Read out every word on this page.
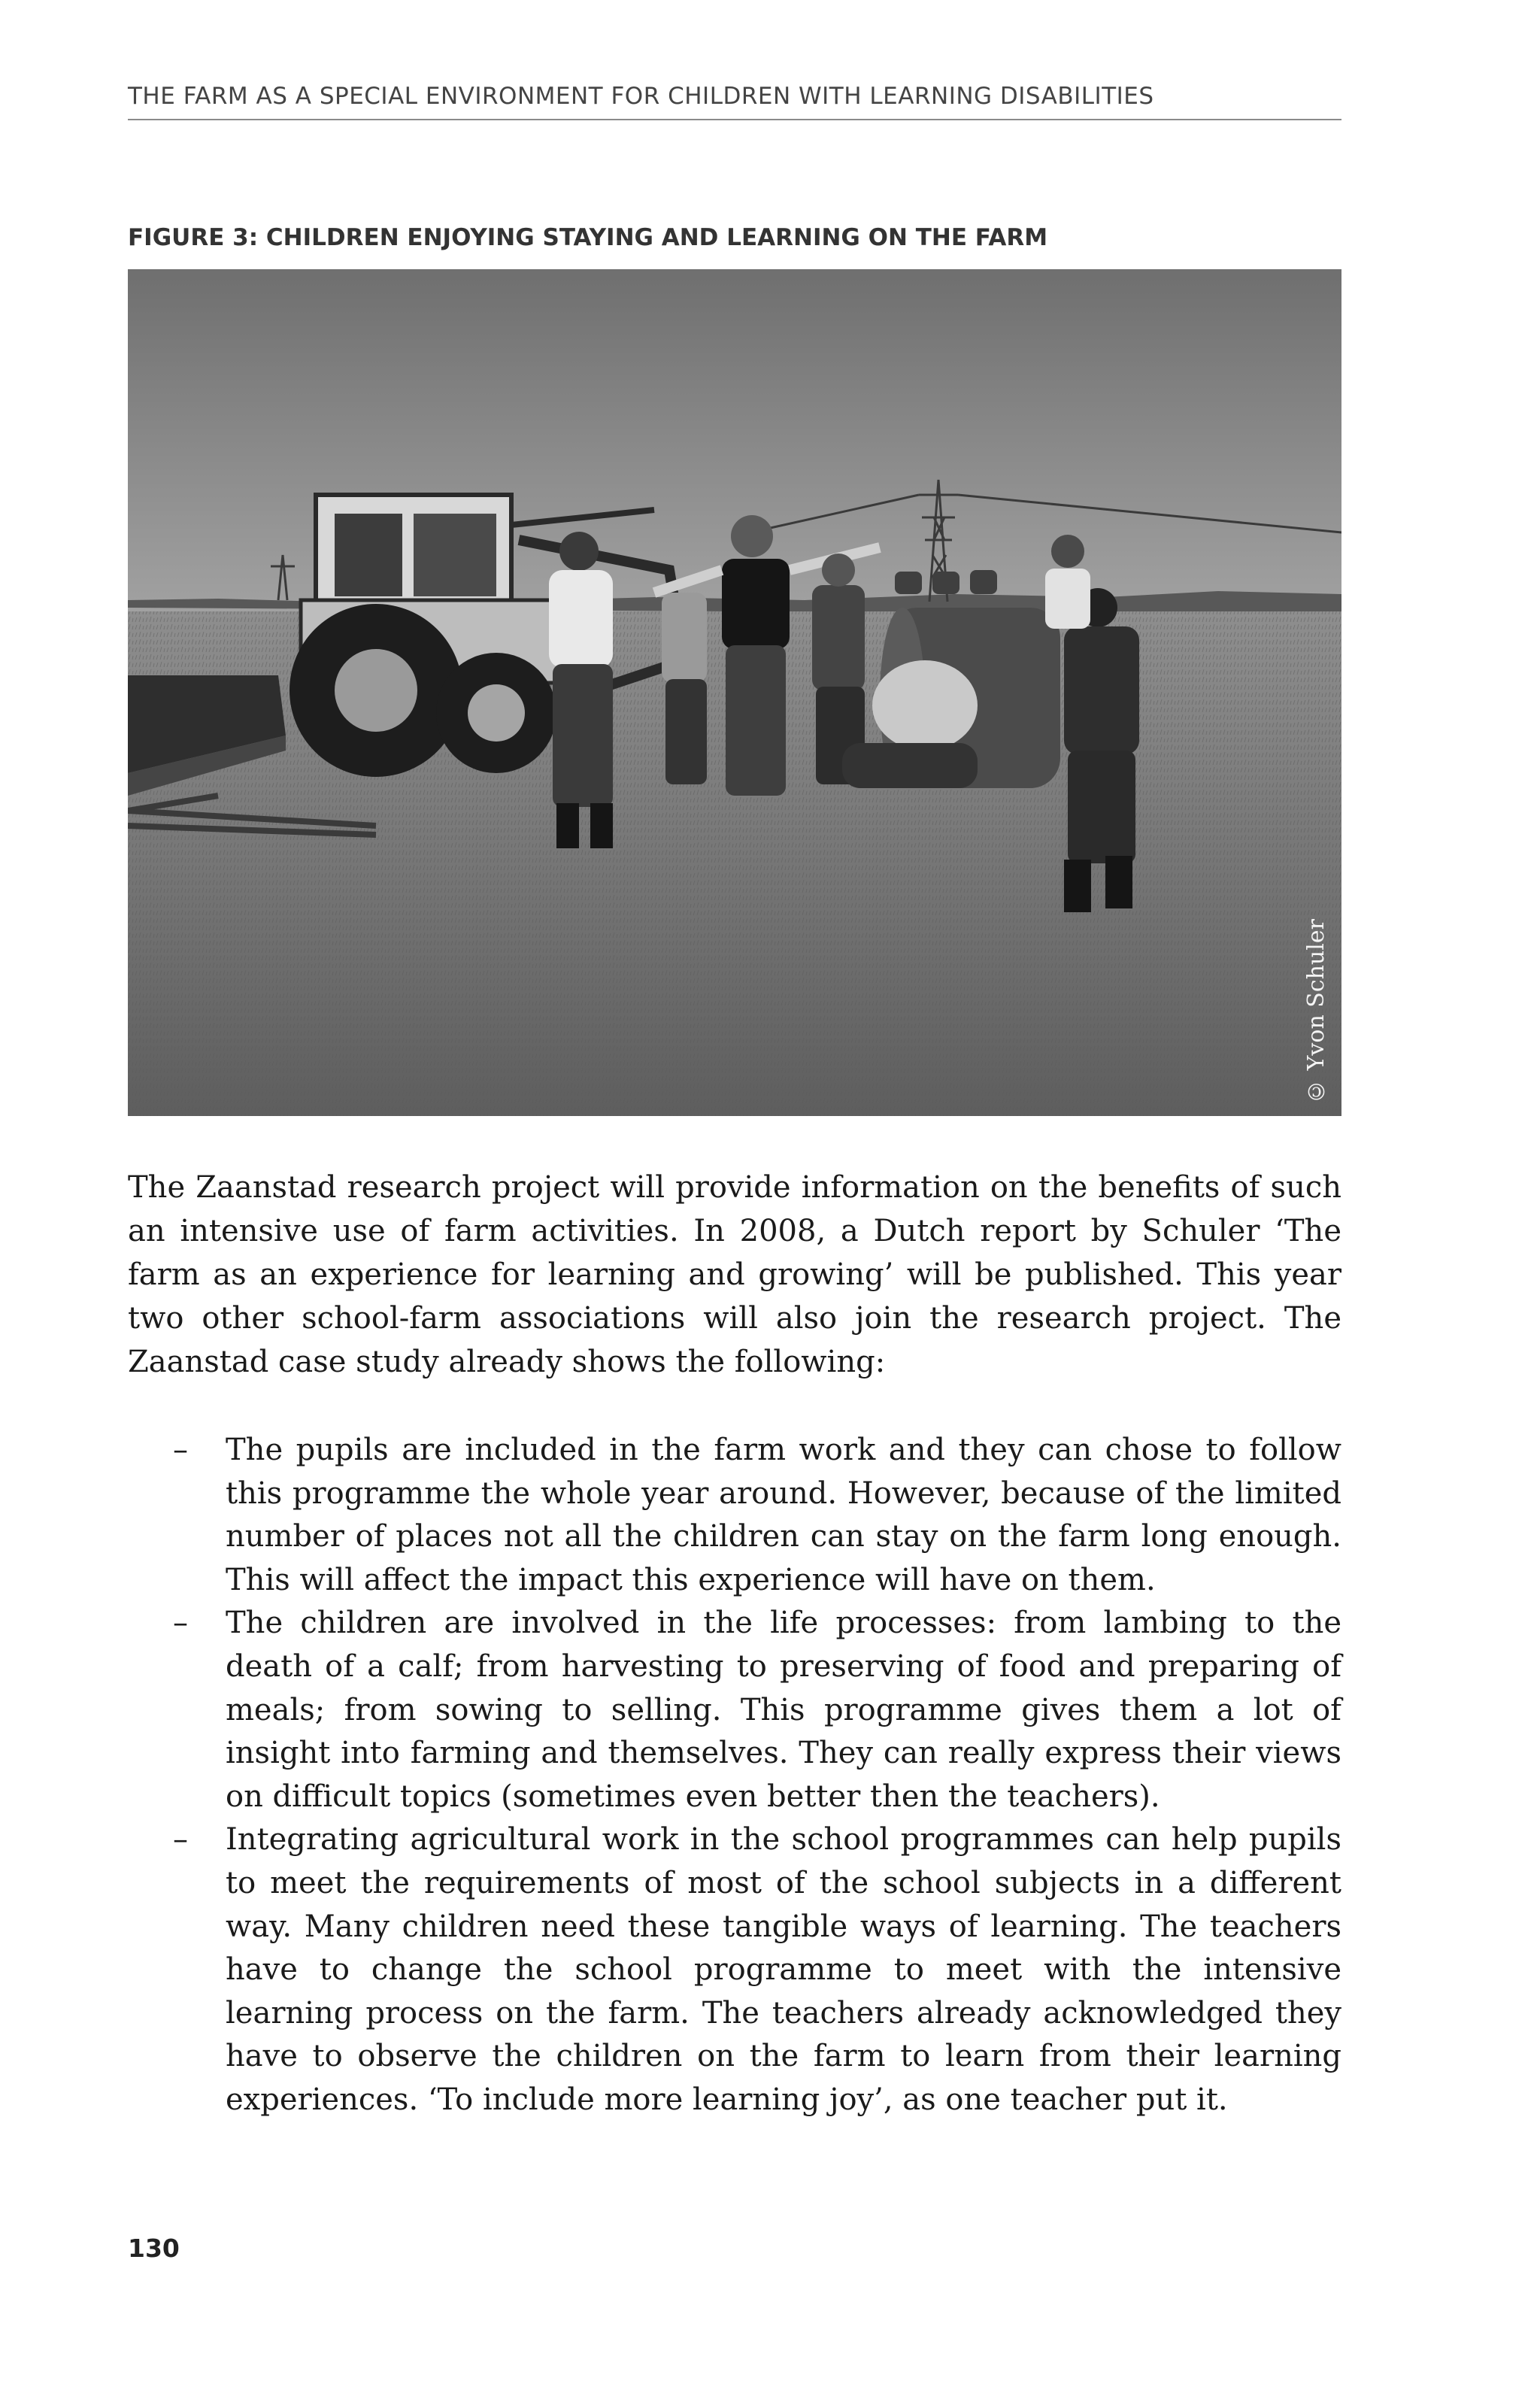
THE FARM AS A SPECIAL ENVIRONMENT FOR CHILDREN WITH LEARNING DISABILITIES
FIGURE 3: CHILDREN ENJOYING STAYING AND LEARNING ON THE FARM
© Yvon Schuler

The Zaanstad research project will provide information on the benefits of such an intensive use of farm activities. In 2008, a Dutch report by Schuler ‘The farm as an experience for learning and growing’ will be published. This year two other school-farm associations will also join the research project. The Zaanstad case study already shows the following:

– The pupils are included in the farm work and they can chose to follow this programme the whole year around. However, because of the limited number of places not all the children can stay on the farm long enough. This will affect the impact this experience will have on them.
– The children are involved in the life processes: from lambing to the death of a calf; from harvesting to preserving of food and preparing of meals; from sowing to selling. This programme gives them a lot of insight into farming and themselves. They can really express their views on difficult topics (sometimes even better then the teachers).
– Integrating agricultural work in the school programmes can help pupils to meet the requirements of most of the school subjects in a different way. Many children need these tangible ways of learning. The teachers have to change the school programme to meet with the intensive learning process on the farm. The teachers already acknowledged they have to observe the children on the farm to learn from their learning experiences. ‘To include more learning joy’, as one teacher put it.
130
